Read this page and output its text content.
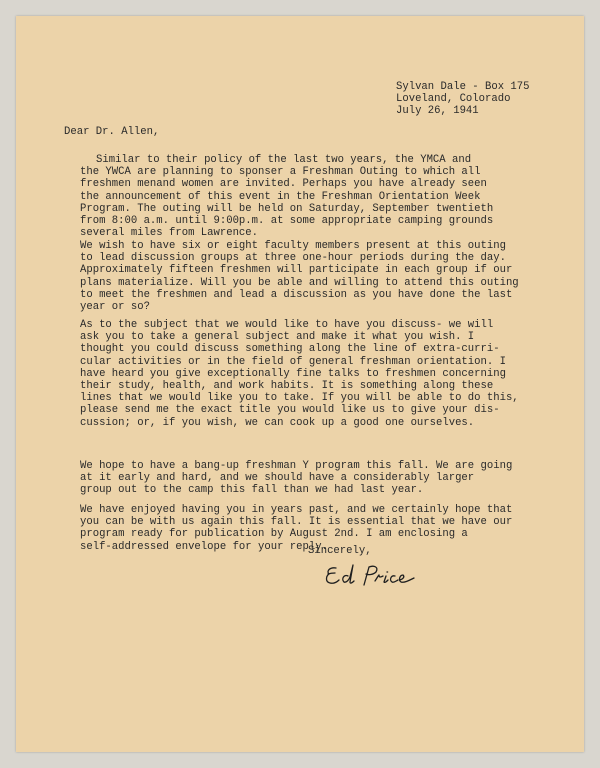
Sylvan Dale - Box 175
Loveland, Colorado
July 26, 1941
Dear Dr. Allen,
Similar to their policy of the last two years, the YMCA and
the YWCA are planning to sponser a Freshman Outing to which all
freshmen menand women are invited. Perhaps you have already seen
the announcement of this event in the Freshman Orientation Week
Program. The outing will be held on Saturday, September twentieth
from 8:00 a.m. until 9:00p.m. at some appropriate camping grounds
several miles from Lawrence.
We wish to have six or eight faculty members present at this outing
to lead discussion groups at three one-hour periods during the day.
Approximately fifteen freshmen will participate in each group if our
plans materialize. Will you be able and willing to attend this outing
to meet the freshmen and lead a discussion as you have done the last
year or so?
As to the subject that we would like to have you discuss- we will
ask you to take a general subject and make it what you wish. I
thought you could discuss something along the line of extra-curri-
cular activities or in the field of general freshman orientation. I
have heard you give exceptionally fine talks to freshmen concerning
their study, health, and work habits. It is something along these
lines that we would like you to take. If you will be able to do this,
please send me the exact title you would like us to give your dis-
cussion; or, if you wish, we can cook up a good one ourselves.
We hope to have a bang-up freshman Y program this fall. We are going
at it early and hard, and we should have a considerably larger
group out to the camp this fall than we had last year.
We have enjoyed having you in years past, and we certainly hope that
you can be with us again this fall. It is essential that we have our
program ready for publication by August 2nd. I am enclosing a
self-addressed envelope for your reply.
Sincerely,
